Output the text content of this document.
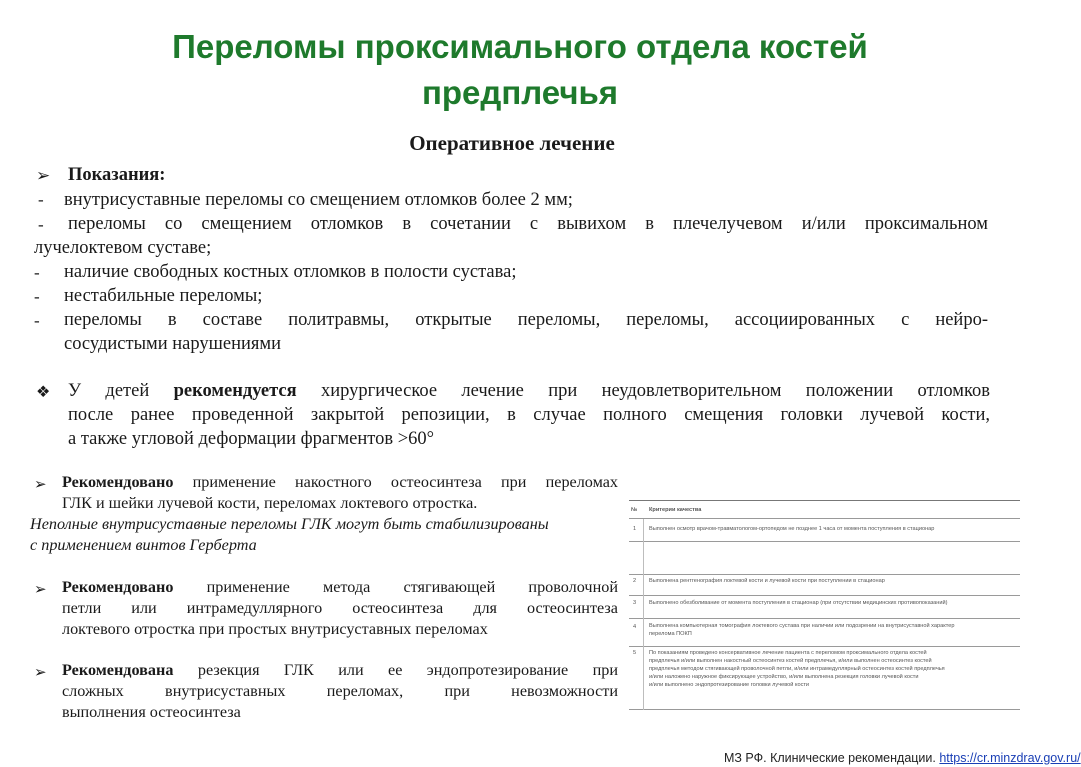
Переломы проксимального отдела костей
предплечья
Оперативное лечение
➢ Показания:
- внутрисуставные переломы со смещением отломков более 2 мм;
- переломы со смещением отломков в сочетании с вывихом в плечелучевом и/или проксимальном
лучелоктевом суставе;
- наличие свободных костных отломков в полости сустава;
- нестабильные переломы;
- переломы в составе политравмы, открытые переломы, переломы, ассоциированных с нейро-
сосудистыми нарушениями
❖ У детей рекомендуется хирургическое лечение при неудовлетворительном положении отломков
после ранее проведенной закрытой репозиции, в случае полного смещения головки лучевой кости,
а также угловой деформации фрагментов >60°
➢ Рекомендовано применение накостного остеосинтеза при переломах
ГЛК и шейки лучевой кости, переломах локтевого отростка.
Неполные внутрисуставные переломы ГЛК могут быть стабилизированы
с применением винтов Герберта
➢ Рекомендовано применение метода стягивающей проволочной
петли или интрамедуллярного остеосинтеза для остеосинтеза
локтевого отростка при простых внутрисуставных переломах
➢ Рекомендована резекция ГЛК или ее эндопротезирование при
сложных внутрисуставных переломах, при невозможности
выполнения остеосинтеза
№ Критерии качества
1 Выполнен осмотр врачом-травматологом-ортопедом не позднее 1 часа от момента поступления в стационар
2 Выполнена рентгенография локтевой кости и лучевой кости при поступлении в стационар
3 Выполнено обезболивание от момента поступления в стационар (при отсутствии медицинских противопоказаний)
4 Выполнена компьютерная томография локтевого сустава при наличии или подозрении на внутрисуставной характер
перелома ПОКП
5 По показаниям проведено консервативное лечение пациента с переломом проксимального отдела костей
предплечья и/или выполнен накостный остеосинтез костей предплечья, и/или выполнен остеосинтез костей
предплечья методом стягивающей проволочной петли, и/или интрамедуллярный остеосинтез костей предплечья
и/или наложено наружное фиксирующее устройство, и/или выполнена резекция головки лучевой кости
и/или выполнено эндопротезирование головки лучевой кости
МЗ РФ. Клинические рекомендации. https://cr.minzdrav.gov.ru/
